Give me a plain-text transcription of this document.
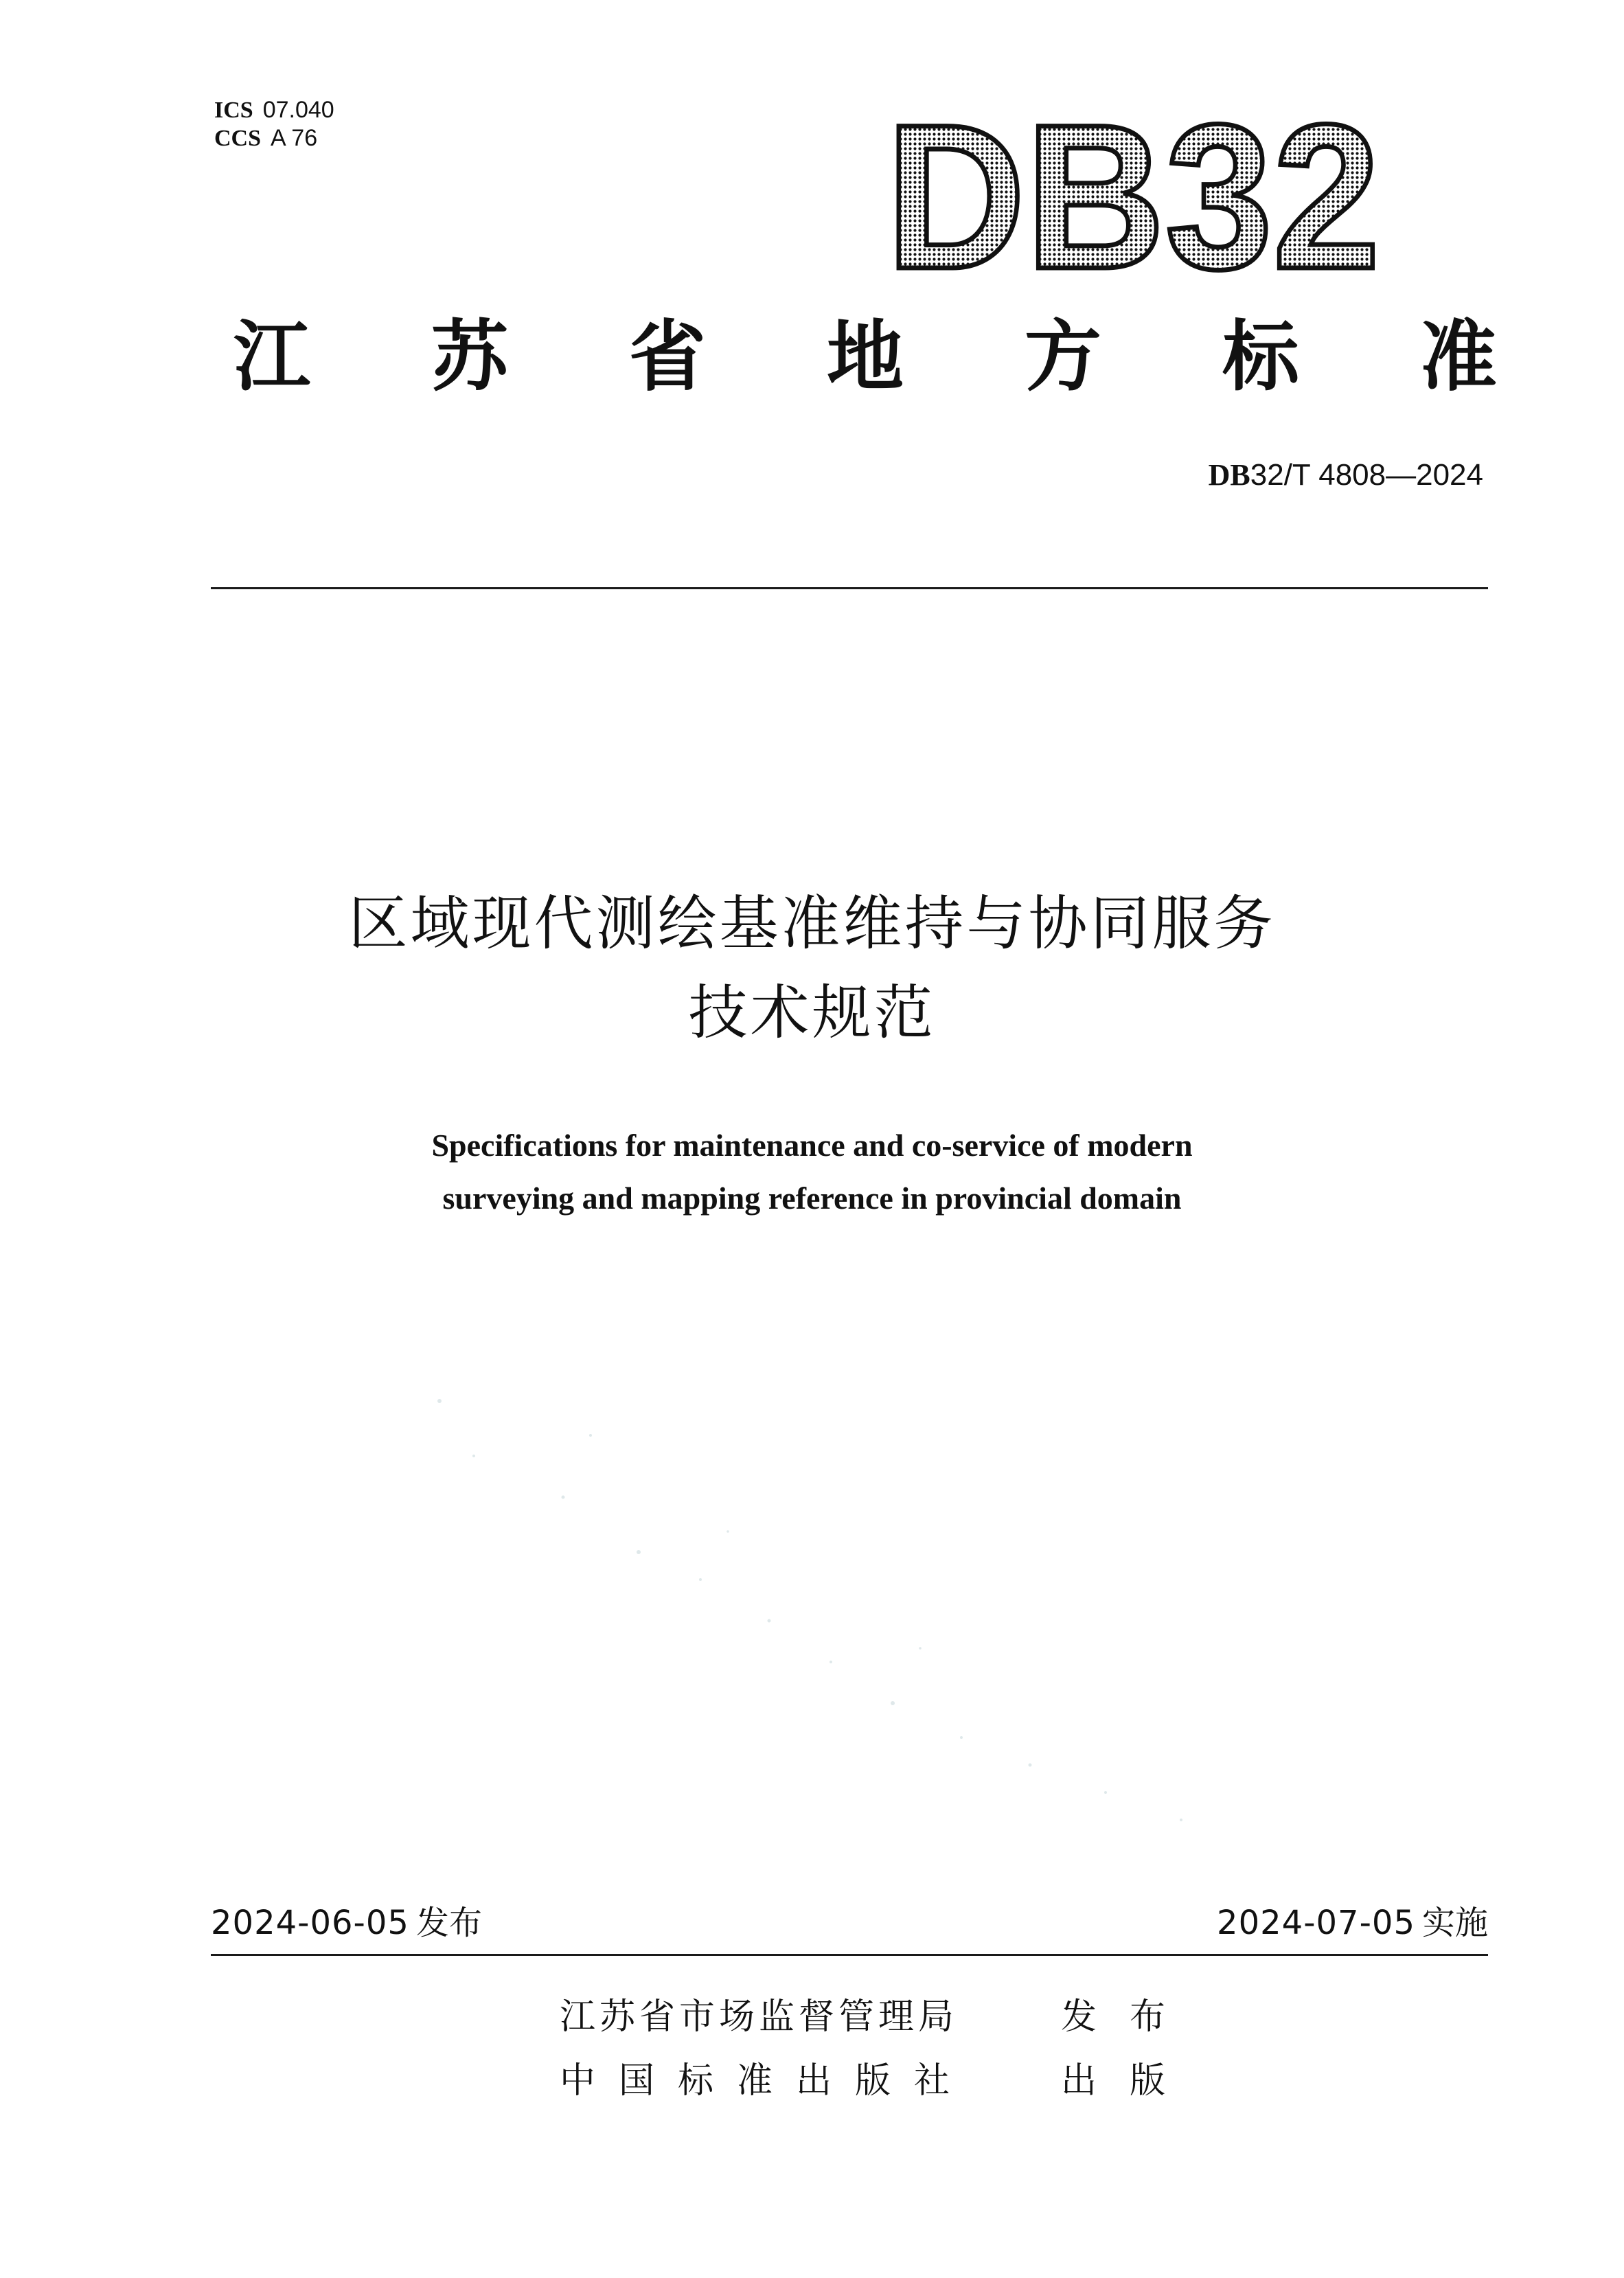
ICS 07.040
CCS A 76	DB32
江 苏 省 地 方 标 准
DB32/T 4808—2024
区域现代测绘基准维持与协同服务
技术规范
Specifications for maintenance and co-service of modern
surveying and mapping reference in provincial domain
2024-06-05 发布	2024-07-05 实施
江苏省市场监督管理局	发布
中国标准出版社 出版
